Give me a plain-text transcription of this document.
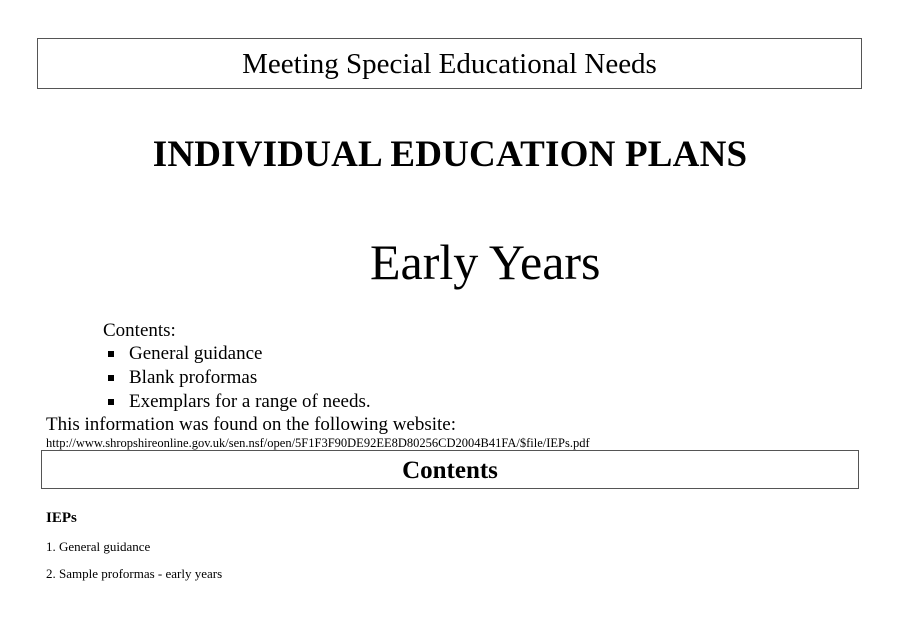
Meeting Special Educational Needs
INDIVIDUAL EDUCATION PLANS
Early Years
Contents:
General guidance
Blank proformas
Exemplars for a range of needs.
This information was found on the following website:
http://www.shropshireonline.gov.uk/sen.nsf/open/5F1F3F90DE92EE8D80256CD2004B41FA/$file/IEPs.pdf
Contents
IEPs
1. General guidance
2. Sample proformas - early years
